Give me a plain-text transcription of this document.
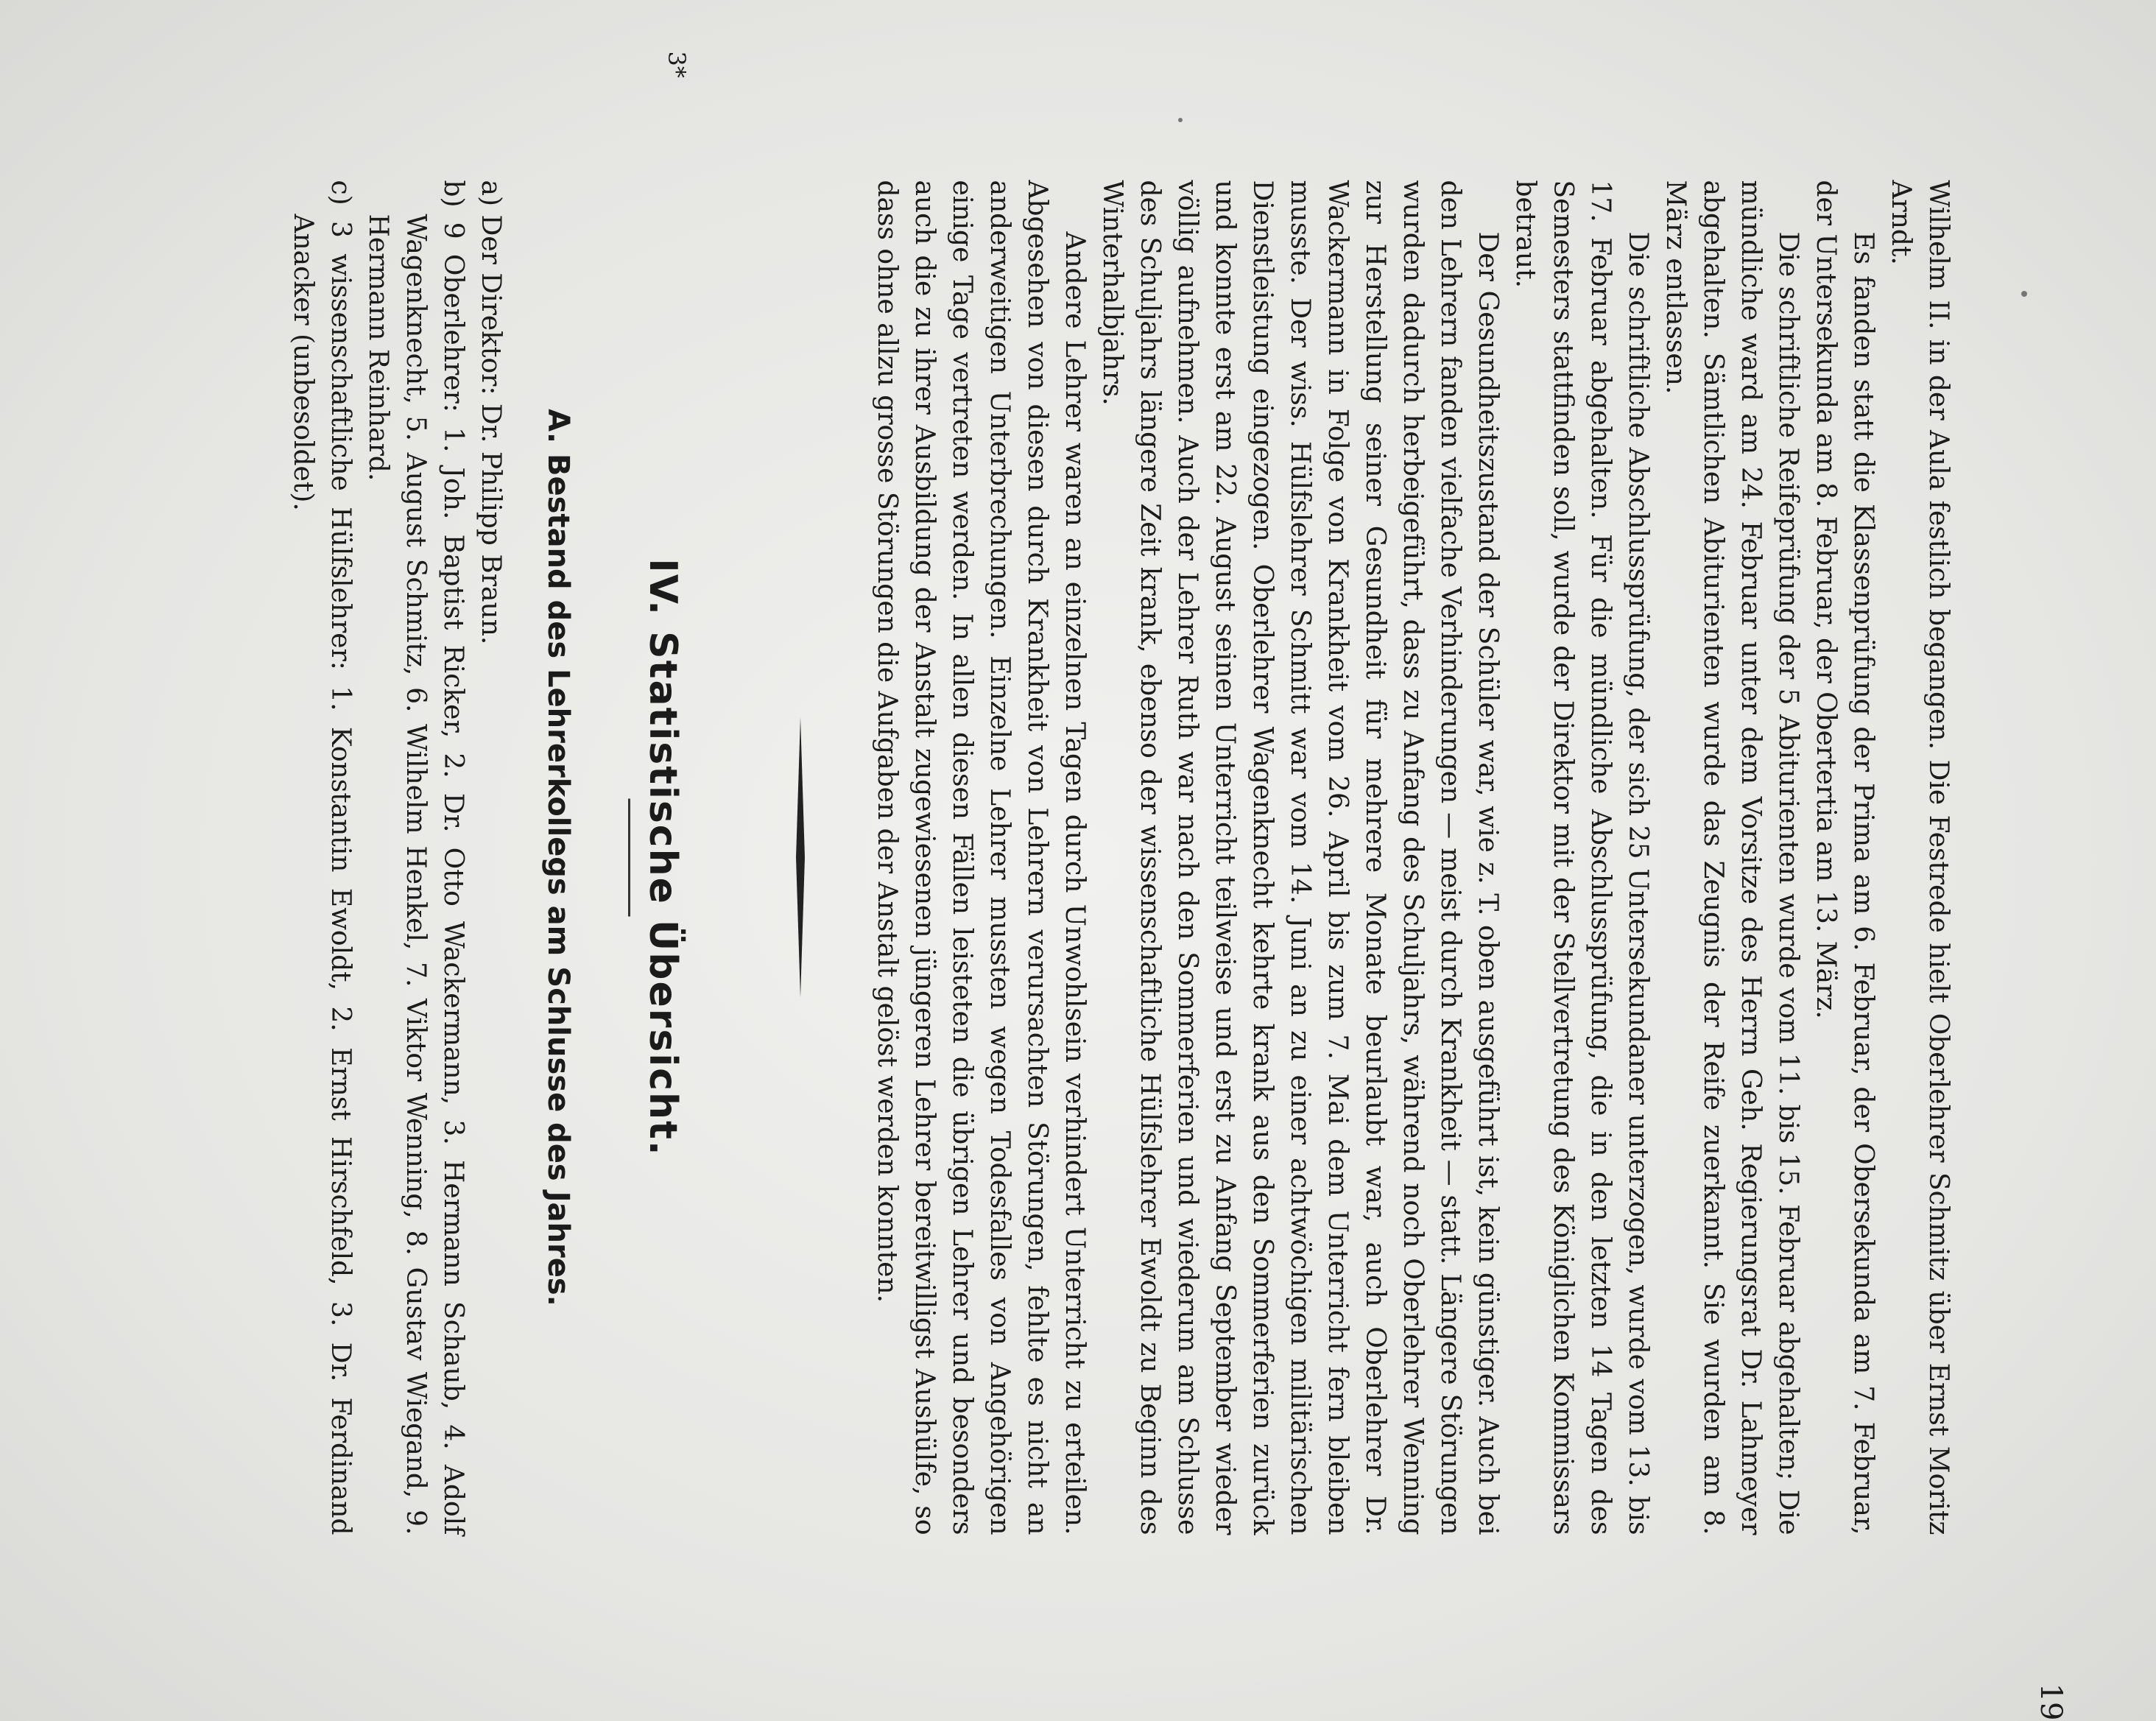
19

Wilhelm II. in der Aula festlich begangen. Die Festrede hielt Oberlehrer Schmitz über Ernst Moritz Arndt.

Es fanden statt die Klassenprüfung der Prima am 6. Februar, der Obersekunda am 7. Februar, der Untersekunda am 8. Februar, der Obertertia am 13. März.

Die schriftliche Reifeprüfung der 5 Abiturienten wurde vom 11. bis 15. Februar abgehalten; Die mündliche ward am 24. Februar unter dem Vorsitze des Herrn Geh. Regierungsrat Dr. Lahmeyer abgehalten. Sämtlichen Abiturienten wurde das Zeugnis der Reife zuerkannt. Sie wurden am 8. März entlassen.

Die schriftliche Abschlussprüfung, der sich 25 Untersekundaner unterzogen, wurde vom 13. bis 17. Februar abgehalten. Für die mündliche Abschlussprüfung, die in den letzten 14 Tagen des Semesters stattfinden soll, wurde der Direktor mit der Stellvertretung des Königlichen Kommissars betraut.

Der Gesundheitszustand der Schüler war, wie z. T. oben ausgeführt ist, kein günstiger. Auch bei den Lehrern fanden vielfache Verhinderungen — meist durch Krankheit — statt. Längere Störungen wurden dadurch herbeigeführt, dass zu Anfang des Schuljahrs, während noch Oberlehrer Wenning zur Herstellung seiner Gesundheit für mehrere Monate beurlaubt war, auch Oberlehrer Dr. Wackermann in Folge von Krankheit vom 26. April bis zum 7. Mai dem Unterricht fern bleiben musste. Der wiss. Hülfslehrer Schmitt war vom 14. Juni an zu einer achtwöchigen militärischen Dienstleistung eingezogen. Oberlehrer Wagenknecht kehrte krank aus den Sommerferien zurück und konnte erst am 22. August seinen Unterricht teilweise und erst zu Anfang September wieder völlig aufnehmen. Auch der Lehrer Ruth war nach den Sommerferien und wiederum am Schlusse des Schuljahrs längere Zeit krank, ebenso der wissenschaftliche Hülfslehrer Ewoldt zu Beginn des Winterhalbjahrs.

Andere Lehrer waren an einzelnen Tagen durch Unwohlsein verhindert Unterricht zu erteilen. Abgesehen von diesen durch Krankheit von Lehrern verursachten Störungen, fehlte es nicht an anderweitigen Unterbrechungen. Einzelne Lehrer mussten wegen Todesfalles von Angehörigen einige Tage vertreten werden. In allen diesen Fällen leisteten die übrigen Lehrer und besonders auch die zu ihrer Ausbildung der Anstalt zugewiesenen jüngeren Lehrer bereitwilligst Aushülfe, so dass ohne allzu grosse Störungen die Aufgaben der Anstalt gelöst werden konnten.

IV. Statistische Übersicht.
A. Bestand des Lehrerkollegs am Schlusse des Jahres.

a) Der Direktor: Dr. Philipp Braun.

b) 9 Oberlehrer: 1. Joh. Baptist Ricker, 2. Dr. Otto Wackermann, 3. Hermann Schaub, 4. Adolf Wagenknecht, 5. August Schmitz, 6. Wilhelm Henkel, 7. Viktor Wenning, 8. Gustav Wiegand, 9. Hermann Reinhard.

c) 3 wissenschaftliche Hülfslehrer: 1. Konstantin Ewoldt, 2. Ernst Hirschfeld, 3. Dr. Ferdinand Anacker (unbesoldet).

3*
